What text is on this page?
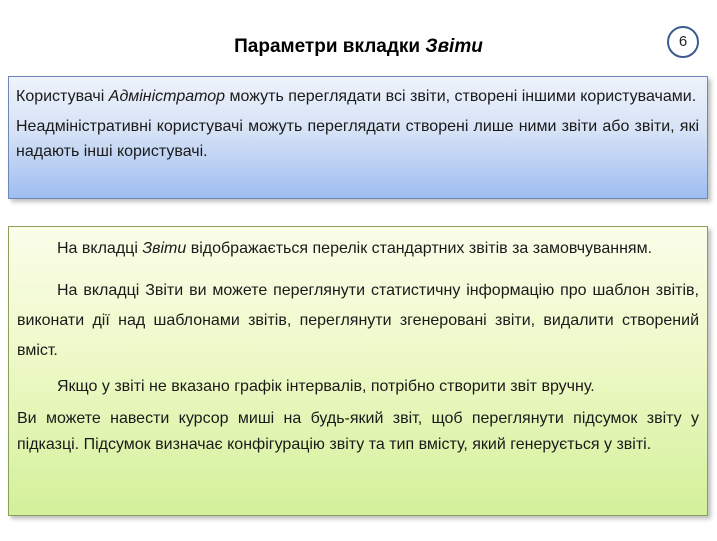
Параметри вкладки Звіти	6

Користувачі Адміністратор можуть переглядати всі звіти, створені іншими користувачами.

Неадміністративні користувачі можуть переглядати створені лише ними звіти або звіти, які надають інші користувачі.

На вкладці Звіти відображається перелік стандартних звітів за замовчуванням.

На вкладці Звіти ви можете переглянути статистичну інформацію про шаблон звітів, виконати дії над шаблонами звітів, переглянути згенеровані звіти, видалити створений вміст.

Якщо у звіті не вказано графік інтервалів, потрібно створити звіт вручну.

Ви можете навести курсор миші на будь-який звіт, щоб переглянути підсумок звіту у підказці. Підсумок визначає конфігурацію звіту та тип вмісту, який генерується у звіті.
